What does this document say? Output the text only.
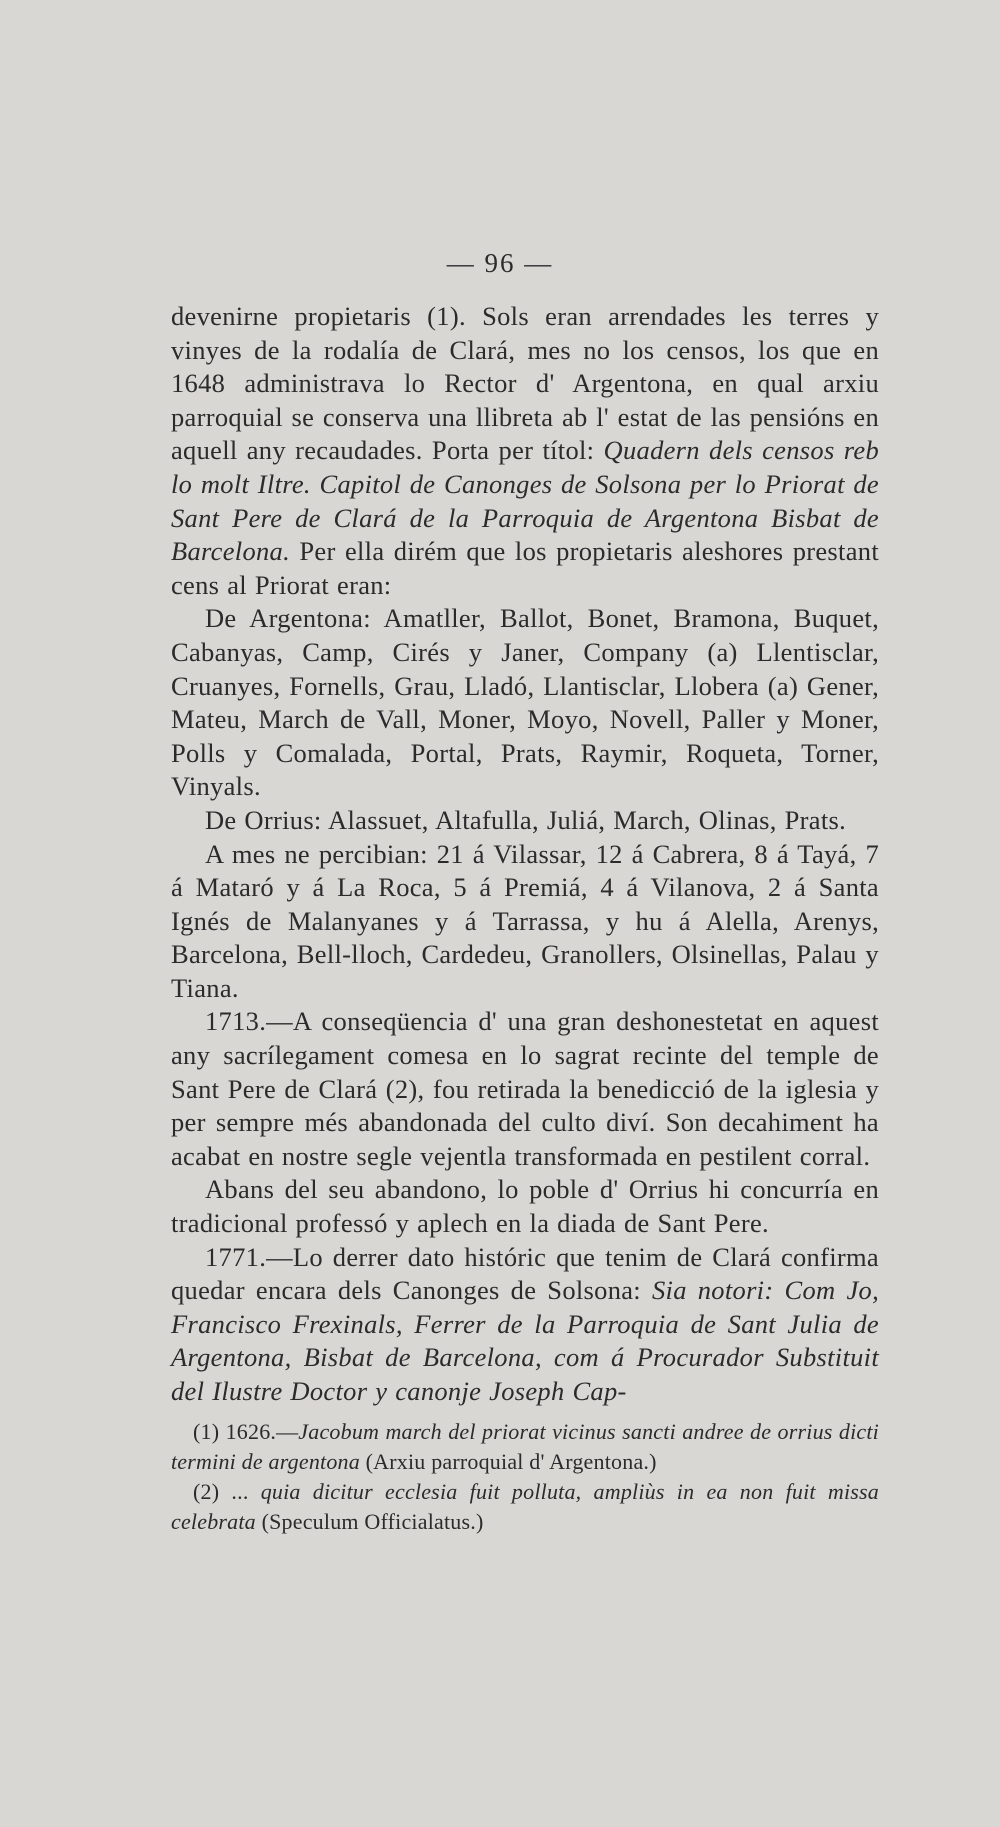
— 96 —

devenirne propietaris (1). Sols eran arrendades les terres y vinyes de la rodalía de Clará, mes no los censos, los que en 1648 administrava lo Rector d' Argentona, en qual arxiu parroquial se conserva una llibreta ab l' estat de las pensións en aquell any recaudades. Porta per títol: Quadern dels censos reb lo molt Iltre. Capitol de Canonges de Solsona per lo Priorat de Sant Pere de Clará de la Parroquia de Argentona Bisbat de Barcelona. Per ella dirém que los propietaris aleshores prestant cens al Priorat eran:

De Argentona: Amatller, Ballot, Bonet, Bramona, Buquet, Cabanyas, Camp, Cirés y Janer, Company (a) Llentisclar, Cruanyes, Fornells, Grau, Lladó, Llantisclar, Llobera (a) Gener, Mateu, March de Vall, Moner, Moyo, Novell, Paller y Moner, Polls y Comalada, Portal, Prats, Raymir, Roqueta, Torner, Vinyals.

De Orrius: Alassuet, Altafulla, Juliá, March, Olinas, Prats.

A mes ne percibian: 21 á Vilassar, 12 á Cabrera, 8 á Tayá, 7 á Mataró y á La Roca, 5 á Premiá, 4 á Vilanova, 2 á Santa Ignés de Malanyanes y á Tarrassa, y hu á Alella, Arenys, Barcelona, Bell-lloch, Cardedeu, Granollers, Olsinellas, Palau y Tiana.

1713.—A conseqüencia d' una gran deshonestetat en aquest any sacrílegament comesa en lo sagrat recinte del temple de Sant Pere de Clará (2), fou retirada la benedicció de la iglesia y per sempre més abandonada del culto diví. Son decahiment ha acabat en nostre segle vejentla transformada en pestilent corral.

Abans del seu abandono, lo poble d' Orrius hi concurría en tradicional professó y aplech en la diada de Sant Pere.

1771.—Lo derrer dato históric que tenim de Clará confirma quedar encara dels Canonges de Solsona: Sia notori: Com Jo, Francisco Frexinals, Ferrer de la Parroquia de Sant Julia de Argentona, Bisbat de Barcelona, com á Procurador Substituit del Ilustre Doctor y canonje Joseph Cap-

(1) 1626.—Jacobum march del priorat vicinus sancti andree de orrius dicti termini de argentona (Arxiu parroquial d' Argentona.)

(2) ... quia dicitur ecclesia fuit polluta, ampliùs in ea non fuit missa celebrata (Speculum Officialatus.)
